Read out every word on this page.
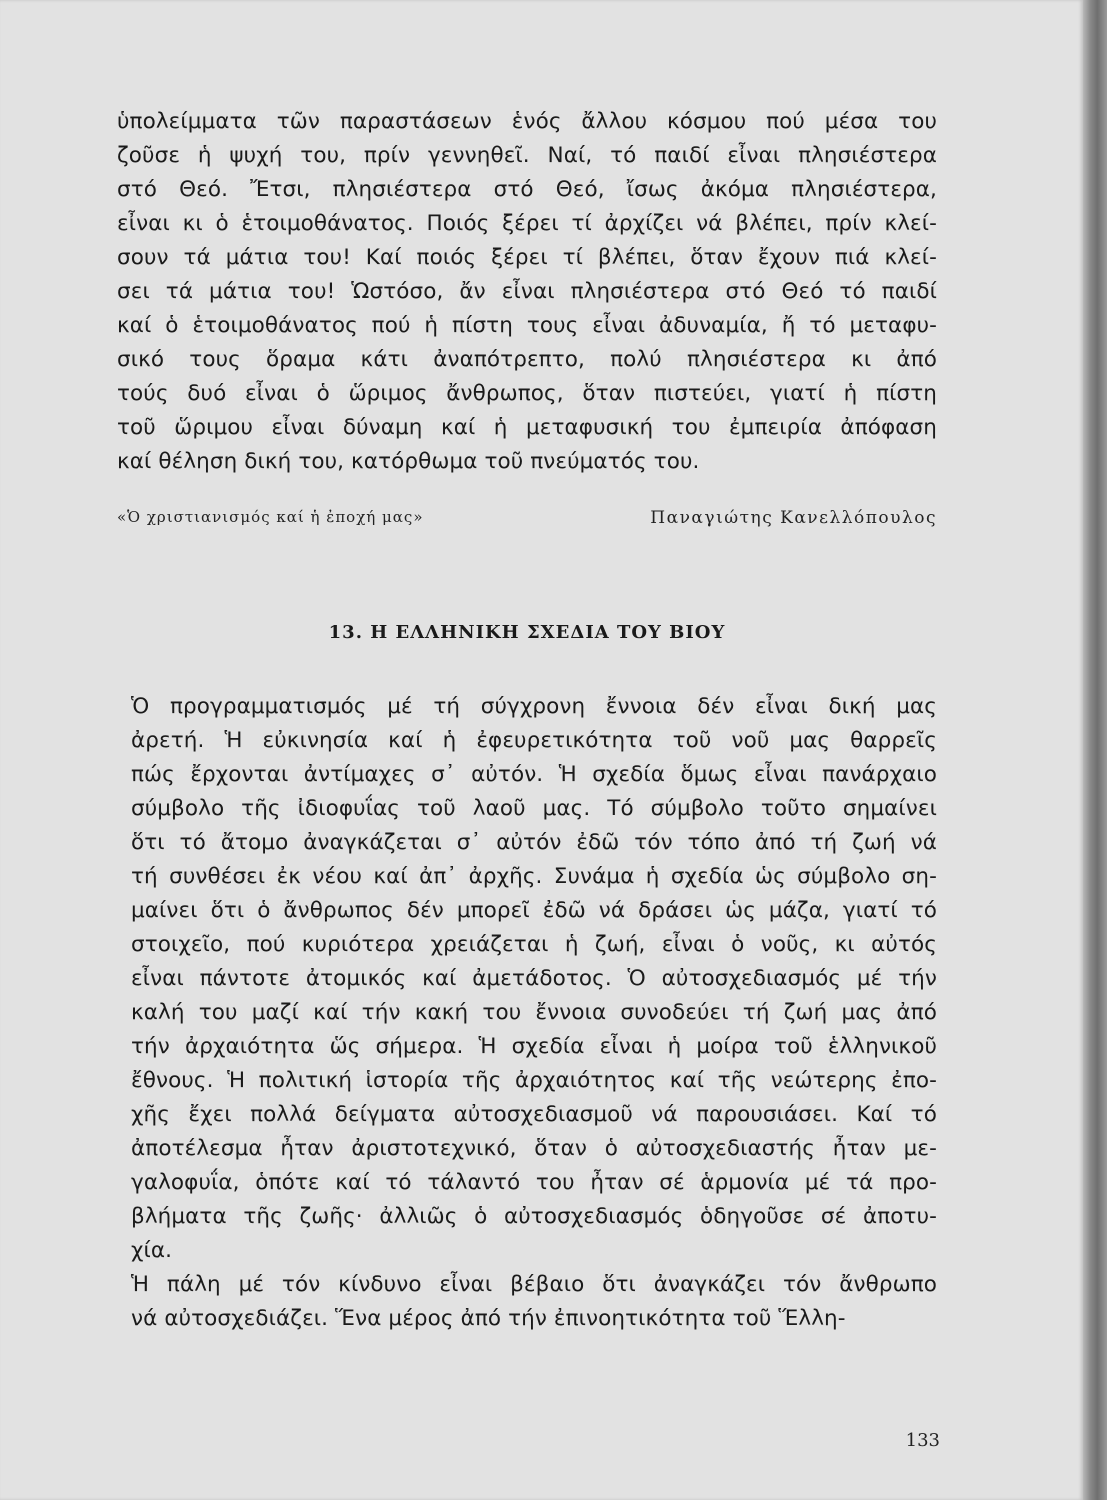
ὑπολείμματα τῶν παραστάσεων ἑνός ἄλλου κόσμου πού μέσα του
ζοῦσε ἡ ψυχή του, πρίν γεννηθεῖ. Ναί, τό παιδί εἶναι πλησιέστερα
στό Θεό. Ἔτσι, πλησιέστερα στό Θεό, ἴσως ἀκόμα πλησιέστερα,
εἶναι κι ὁ ἑτοιμοθάνατος. Ποιός ξέρει τί ἀρχίζει νά βλέπει, πρίν κλεί-
σουν τά μάτια του! Καί ποιός ξέρει τί βλέπει, ὅταν ἔχουν πιά κλεί-
σει τά μάτια του! Ὡστόσο, ἄν εἶναι πλησιέστερα στό Θεό τό παιδί
καί ὁ ἑτοιμοθάνατος πού ἡ πίστη τους εἶναι ἀδυναμία, ἤ τό μεταφυ-
σικό τους ὅραμα κάτι ἀναπότρεπτο, πολύ πλησιέστερα κι ἀπό
τούς δυό εἶναι ὁ ὥριμος ἄνθρωπος, ὅταν πιστεύει, γιατί ἡ πίστη
τοῦ ὥριμου εἶναι δύναμη καί ἡ μεταφυσική του ἐμπειρία ἀπόφαση
καί θέληση δική του, κατόρθωμα τοῦ πνεύματός του.
«Ὁ χριστιανισμός καί ἡ ἐποχή μας»	Παναγιώτης Κανελλόπουλος
13. Η ΕΛΛΗΝΙΚΗ ΣΧΕΔΙΑ ΤΟΥ ΒΙΟΥ

Ὁ προγραμματισμός μέ τή σύγχρονη ἔννοια δέν εἶναι δική μας
ἀρετή. Ἡ εὐκινησία καί ἡ ἐφευρετικότητα τοῦ νοῦ μας θαρρεῖς
πώς ἔρχονται ἀντίμαχες σ᾽ αὐτόν. Ἡ σχεδία ὅμως εἶναι πανάρχαιο
σύμβολο τῆς ἰδιοφυΐας τοῦ λαοῦ μας. Τό σύμβολο τοῦτο σημαίνει
ὅτι τό ἄτομο ἀναγκάζεται σ᾽ αὐτόν ἐδῶ τόν τόπο ἀπό τή ζωή νά
τή συνθέσει ἐκ νέου καί ἀπ᾽ ἀρχῆς. Συνάμα ἡ σχεδία ὡς σύμβολο ση-
μαίνει ὅτι ὁ ἄνθρωπος δέν μπορεῖ ἐδῶ νά δράσει ὡς μάζα, γιατί τό
στοιχεῖο, πού κυριότερα χρειάζεται ἡ ζωή, εἶναι ὁ νοῦς, κι αὐτός
εἶναι πάντοτε ἀτομικός καί ἀμετάδοτος. Ὁ αὐτοσχεδιασμός μέ τήν
καλή του μαζί καί τήν κακή του ἔννοια συνοδεύει τή ζωή μας ἀπό
τήν ἀρχαιότητα ὥς σήμερα. Ἡ σχεδία εἶναι ἡ μοίρα τοῦ ἑλληνικοῦ
ἔθνους. Ἡ πολιτική ἱστορία τῆς ἀρχαιότητος καί τῆς νεώτερης ἐπο-
χῆς ἔχει πολλά δείγματα αὐτοσχεδιασμοῦ νά παρουσιάσει. Καί τό
ἀποτέλεσμα ἦταν ἀριστοτεχνικό, ὅταν ὁ αὐτοσχεδιαστής ἦταν με-
γαλοφυΐα, ὁπότε καί τό τάλαντό του ἦταν σέ ἁρμονία μέ τά προ-
βλήματα τῆς ζωῆς· ἀλλιῶς ὁ αὐτοσχεδιασμός ὁδηγοῦσε σέ ἀποτυ-
χία.

Ἡ πάλη μέ τόν κίνδυνο εἶναι βέβαιο ὅτι ἀναγκάζει τόν ἄνθρωπο
νά αὐτοσχεδιάζει. Ἕνα μέρος ἀπό τήν ἐπινοητικότητα τοῦ Ἕλλη-

133
